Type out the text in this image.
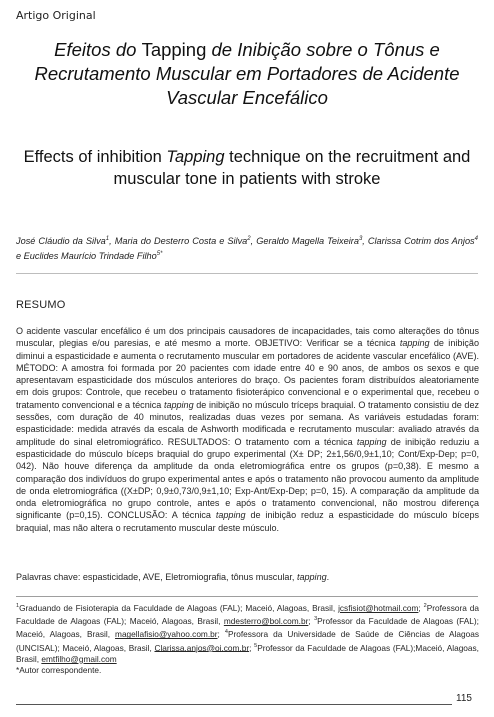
Artigo Original
Efeitos do Tapping de Inibição sobre o Tônus e Recrutamento Muscular em Portadores de Acidente Vascular Encefálico
Effects of inhibition Tapping technique on the recruitment and muscular tone in patients with stroke
José Cláudio da Silva$^1$, Maria do Desterro Costa e Silva$^2$, Geraldo Magella Teixeira$^3$, Clarissa Cotrim dos Anjos$^4$ e Euclides Maurício Trindade Filho$^{5*}$
RESUMO
O acidente vascular encefálico é um dos principais causadores de incapacidades, tais como alterações do tônus muscular, plegias e/ou paresias, e até mesmo a morte. OBJETIVO: Verificar se a técnica tapping de inibição diminui a espasticidade e aumenta o recrutamento muscular em portadores de acidente vascular encefálico (AVE). MÉTODO: A amostra foi formada por 20 pacientes com idade entre 40 e 90 anos, de ambos os sexos e que apresentavam espasticidade dos músculos anteriores do braço. Os pacientes foram distribuídos aleatoriamente em dois grupos: Controle, que recebeu o tratamento fisioterápico convencional e o experimental que, recebeu o tratamento convencional e a técnica tapping de inibição no músculo tríceps braquial. O tratamento consistiu de dez sessões, com duração de 40 minutos, realizadas duas vezes por semana. As variáveis estudadas foram: espasticidade: medida através da escala de Ashworth modificada e recrutamento muscular: avaliado através da amplitude do sinal eletromiográfico. RESULTADOS: O tratamento com a técnica tapping de inibição reduziu a espasticidade do músculo bíceps braquial do grupo experimental (X± DP; 2±1,56/0,9±1,10; Cont/Exp-Dep; p=0, 042). Não houve diferença da amplitude da onda eletromiográfica entre os grupos (p=0,38). E mesmo a comparação dos indivíduos do grupo experimental antes e após o tratamento não provocou aumento da amplitude de onda eletromiográfica ((X±DP; 0,9±0,73/0,9±1,10; Exp-Ant/Exp-Dep; p=0, 15). A comparação da amplitude da onda eletromiográfica no grupo controle, antes e após o tratamento convencional, não mostrou diferença significante (p=0,15). CONCLUSÃO: A técnica tapping de inibição reduz a espasticidade do músculo bíceps braquial, mas não altera o recrutamento muscular deste músculo.
Palavras chave: espasticidade, AVE, Eletromiografia, tônus muscular, tapping.
$^1$Graduando de Fisioterapia da Faculdade de Alagoas (FAL); Maceió, Alagoas, Brasil, jcsfisiot@hotmail.com; $^2$Professora da Faculdade de Alagoas (FAL); Maceió, Alagoas, Brasil, mdesterro@bol.com.br; $^3$Professor da Faculdade de Alagoas (FAL); Maceió, Alagoas, Brasil, magellafisio@yahoo.com.br; $^4$Professora da Universidade de Saúde de Ciências de Alagoas (UNCISAL); Maceió, Alagoas, Brasil, Clarissa.anjos@oi.com.br; $^5$Professor da Faculdade de Alagoas (FAL);Maceió, Alagoas, Brasil, emtfilho@gmail.com
*Autor correspondente.
115
